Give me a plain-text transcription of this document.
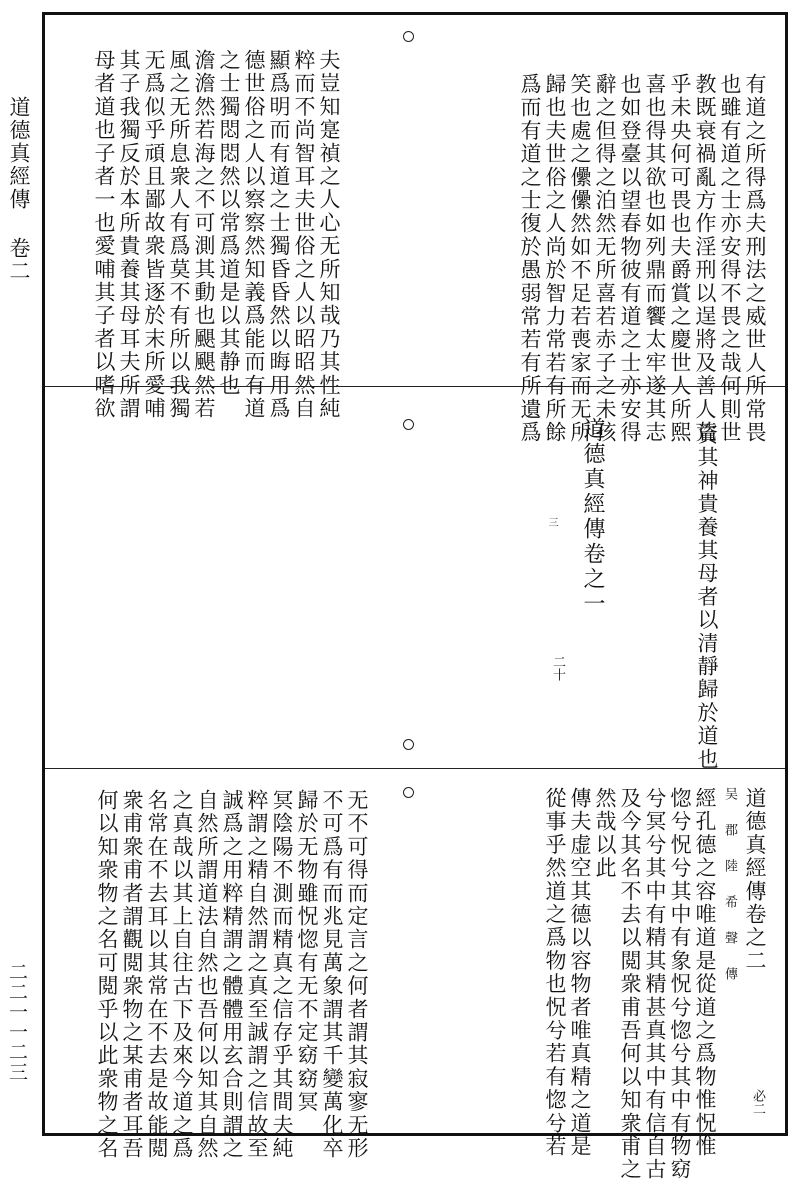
道德真經傳 卷二
二二一一二三
有道之所得爲夫刑法之威世人所常畏
也雖有道之士亦安得不畏之哉何則世
教既衰禍亂方作淫刑以逞將及善人荒
乎未央何可畏也夫爵賞之慶世人所熙
喜也得其欲也如列鼎而饗太牢遂其志
也如登臺以望春物彼有道之士亦安得
辭之但得之泊然无所喜若赤子之未孩
笑也處之儽儽然如不足若喪家而无所
歸也夫世俗之人尚於智力常若有所餘
爲而有道之士復於愚弱常若有所遺爲
夫豈知寔禎之人心无所知哉乃其性純
粹而不尚智耳夫世俗之人以昭昭然自
顯爲明而有道之士獨昏昏然以晦用爲
德世俗之人以察察然知義爲能而有道
之士獨悶悶然以常爲道是以其静也
澹澹然若海之不可測其動也颶颶然若
風之无所息衆人有爲莫不有所以我獨
无爲似乎頑且鄙故衆皆逐於末所愛哺
其子我獨反於本所貴養其母耳夫所謂
母者道也子者一也愛哺其子者以嗜欲
資其神貴養其母者以清靜歸於道也
道德真經傳卷之一
三
二十
道德真經傳卷之二
吴　郡　陸　希　聲　傳
經孔德之容唯道是從道之爲物惟怳惟
惚兮怳兮其中有象怳兮惚兮其中有物窈
兮冥兮其中有精其精甚真其中有信自古
及今其名不去以閲衆甫吾何以知衆甫之
然哉以此
傳夫虚空其德以容物者唯真精之道是
從事乎然道之爲物也怳兮若有惚兮若
无不可得而定言之何者謂其寂寥无形
不可爲有而兆見萬象謂其千變萬化卒
歸於无物雖怳惚有无不定窈窈冥
冥陰陽不測而精真之信存乎其間夫純
粹謂之精自然謂之真至誠謂之信故至
誠爲之用粹精謂之體體用玄合則謂之
自然所謂道法自然也吾何以知其自然
之真哉以其上自往古下及來今道之爲
名常在不去耳以其常在不去是故能閲
衆甫衆甫者謂觀閲衆物之某甫者耳吾
何以知衆物之名可閲乎以此衆物之名	必二
